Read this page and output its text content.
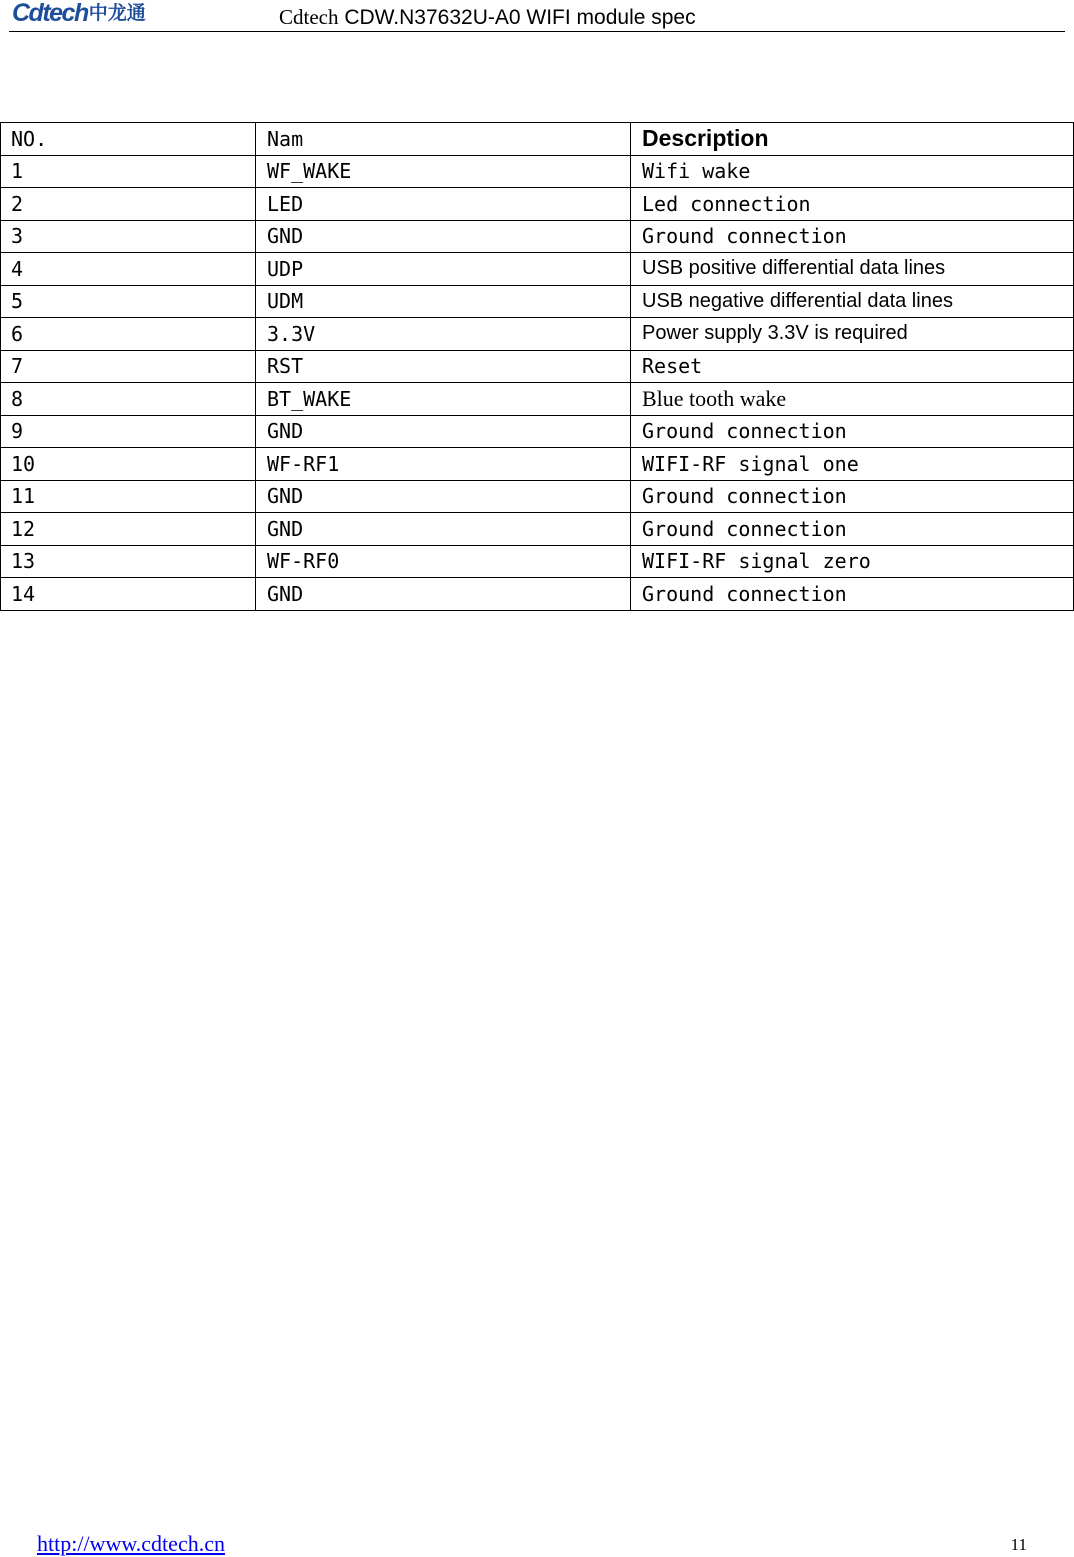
Cdtech 中龙通	Cdtech CDW.N37632U-A0 WIFI module spec
NO.	Nam	Description
1	WF_WAKE	Wifi wake
2	LED	Led connection
3	GND	Ground connection
4	UDP	USB positive differential data lines
5	UDM	USB negative differential data lines
6	3.3V	Power supply 3.3V is required
7	RST	Reset
8	BT_WAKE	Blue tooth wake
9	GND	Ground connection
10	WF-RF1	WIFI-RF signal one
11	GND	Ground connection
12	GND	Ground connection
13	WF-RF0	WIFI-RF signal zero
14	GND	Ground connection
http://www.cdtech.cn	11
